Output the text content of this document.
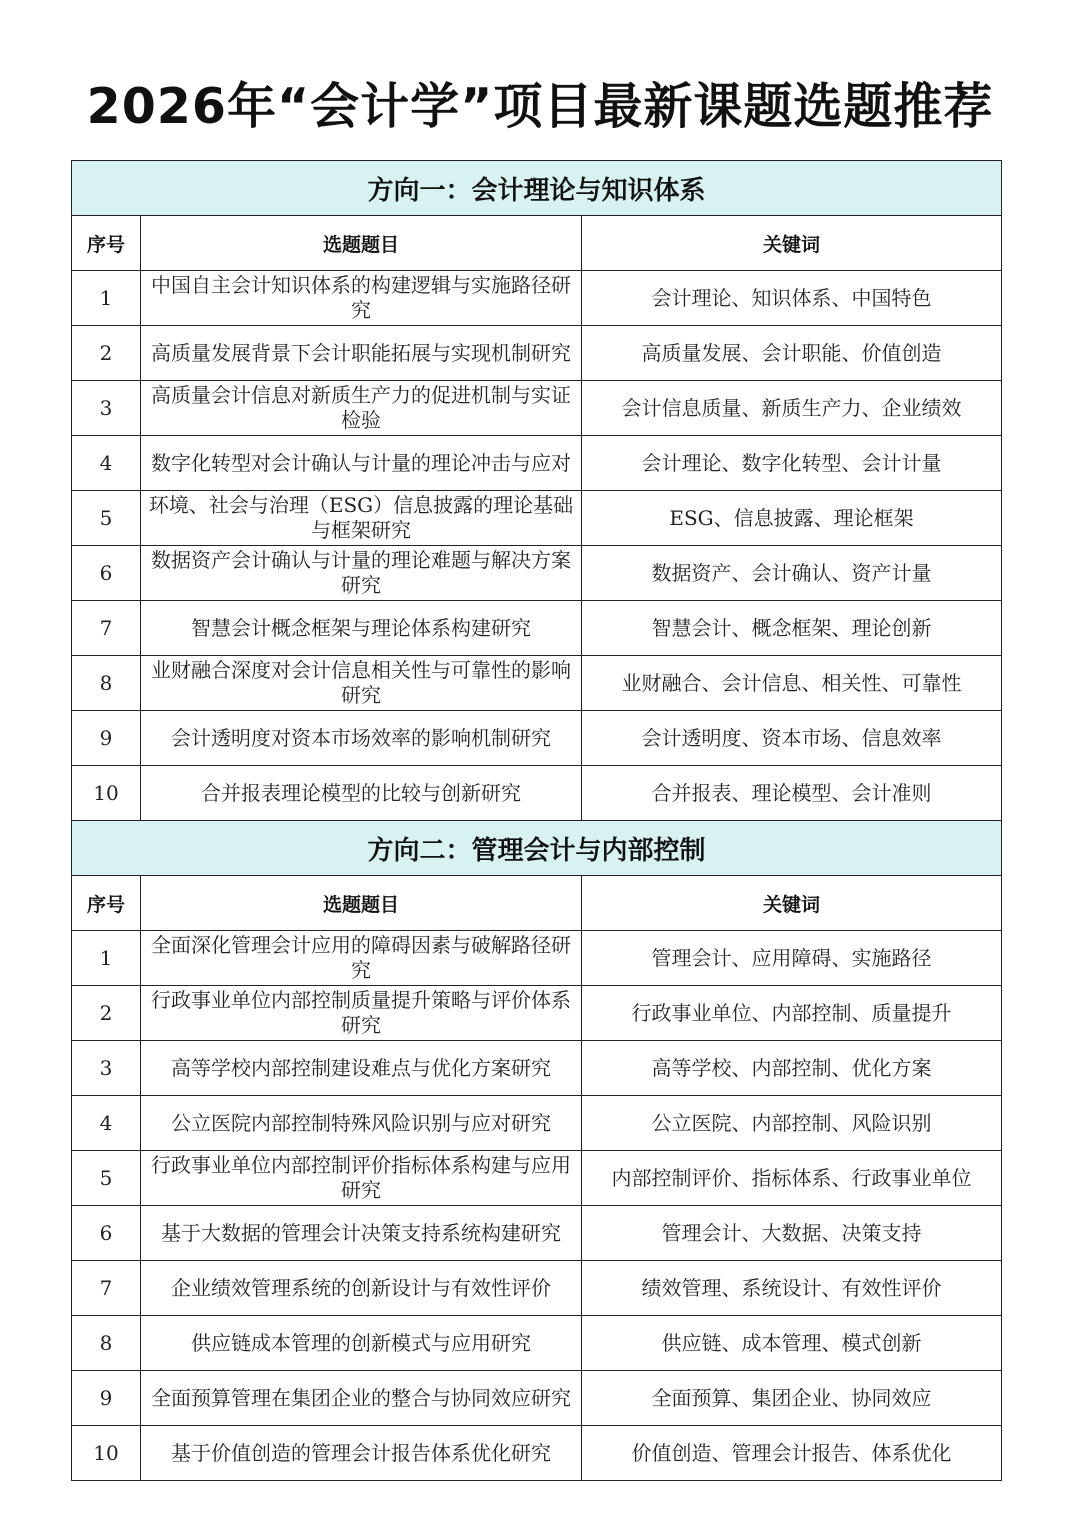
2026年“会计学”项目最新课题选题推荐
方向一：会计理论与知识体系		
序号	选题题目	关键词
1	中国自主会计知识体系的构建逻辑与实施路径研究	会计理论、知识体系、中国特色
2	高质量发展背景下会计职能拓展与实现机制研究	高质量发展、会计职能、价值创造
3	高质量会计信息对新质生产力的促进机制与实证检验	会计信息质量、新质生产力、企业绩效
4	数字化转型对会计确认与计量的理论冲击与应对	会计理论、数字化转型、会计计量
5	环境、社会与治理（ESG）信息披露的理论基础与框架研究	ESG、信息披露、理论框架
6	数据资产会计确认与计量的理论难题与解决方案研究	数据资产、会计确认、资产计量
7	智慧会计概念框架与理论体系构建研究	智慧会计、概念框架、理论创新
8	业财融合深度对会计信息相关性与可靠性的影响研究	业财融合、会计信息、相关性、可靠性
9	会计透明度对资本市场效率的影响机制研究	会计透明度、资本市场、信息效率
10	合并报表理论模型的比较与创新研究	合并报表、理论模型、会计准则
方向二：管理会计与内部控制		
序号	选题题目	关键词
1	全面深化管理会计应用的障碍因素与破解路径研究	管理会计、应用障碍、实施路径
2	行政事业单位内部控制质量提升策略与评价体系研究	行政事业单位、内部控制、质量提升
3	高等学校内部控制建设难点与优化方案研究	高等学校、内部控制、优化方案
4	公立医院内部控制特殊风险识别与应对研究	公立医院、内部控制、风险识别
5	行政事业单位内部控制评价指标体系构建与应用研究	内部控制评价、指标体系、行政事业单位
6	基于大数据的管理会计决策支持系统构建研究	管理会计、大数据、决策支持
7	企业绩效管理系统的创新设计与有效性评价	绩效管理、系统设计、有效性评价
8	供应链成本管理的创新模式与应用研究	供应链、成本管理、模式创新
9	全面预算管理在集团企业的整合与协同效应研究	全面预算、集团企业、协同效应
10	基于价值创造的管理会计报告体系优化研究	价值创造、管理会计报告、体系优化
